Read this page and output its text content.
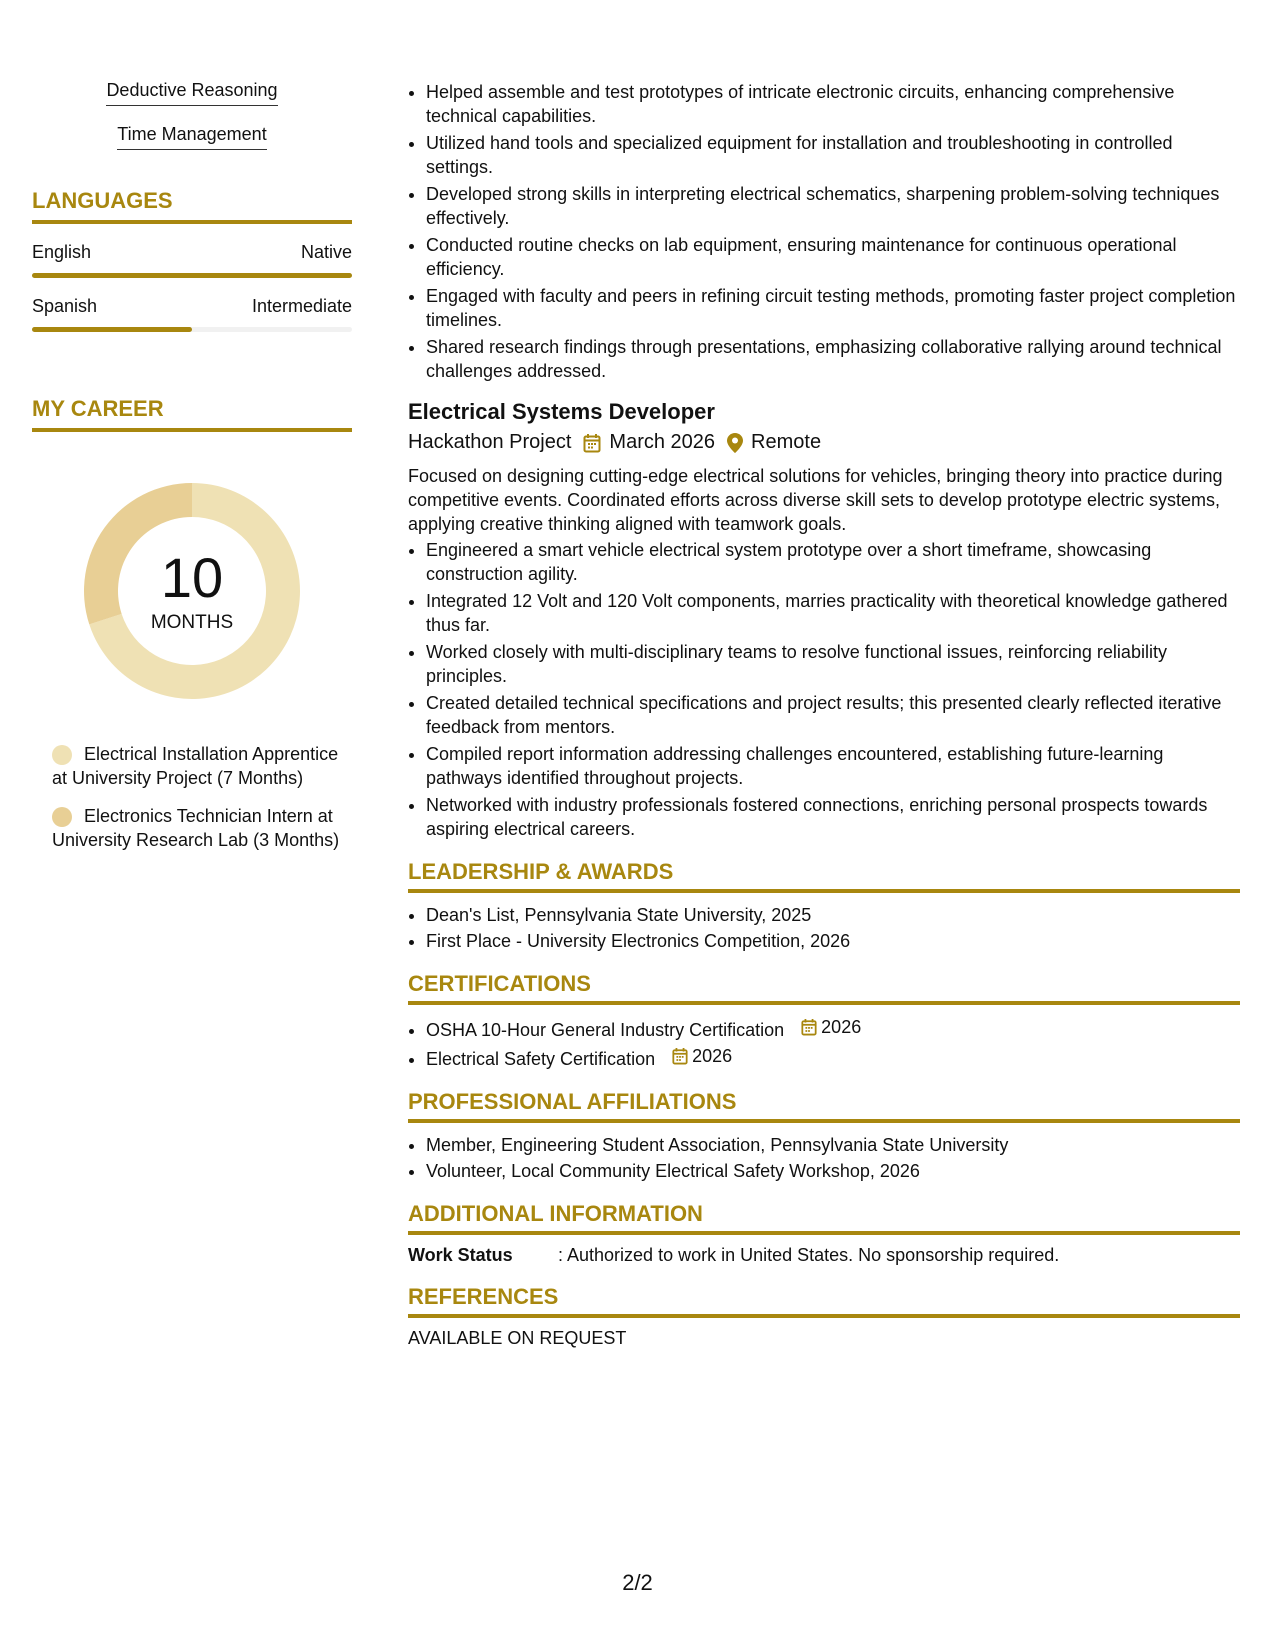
Deductive Reasoning
Time Management
LANGUAGES
English	Native
Spanish	Intermediate
MY CAREER
10
MONTHS
Electrical Installation Apprentice at University Project (7 Months)
Electronics Technician Intern at University Research Lab (3 Months)
• Helped assemble and test prototypes of intricate electronic circuits, enhancing comprehensive technical capabilities.
• Utilized hand tools and specialized equipment for installation and troubleshooting in controlled settings.
• Developed strong skills in interpreting electrical schematics, sharpening problem-solving techniques effectively.
• Conducted routine checks on lab equipment, ensuring maintenance for continuous operational efficiency.
• Engaged with faculty and peers in refining circuit testing methods, promoting faster project completion timelines.
• Shared research findings through presentations, emphasizing collaborative rallying around technical challenges addressed.
Electrical Systems Developer
Hackathon Project March 2026 Remote

Focused on designing cutting-edge electrical solutions for vehicles, bringing theory into practice during competitive events. Coordinated efforts across diverse skill sets to develop prototype electric systems, applying creative thinking aligned with teamwork goals.

• Engineered a smart vehicle electrical system prototype over a short timeframe, showcasing construction agility.
• Integrated 12 Volt and 120 Volt components, marries practicality with theoretical knowledge gathered thus far.
• Worked closely with multi-disciplinary teams to resolve functional issues, reinforcing reliability principles.
• Created detailed technical specifications and project results; this presented clearly reflected iterative feedback from mentors.
• Compiled report information addressing challenges encountered, establishing future-learning pathways identified throughout projects.
• Networked with industry professionals fostered connections, enriching personal prospects towards aspiring electrical careers.
LEADERSHIP & AWARDS
• Dean's List, Pennsylvania State University, 2025
• First Place - University Electronics Competition, 2026
CERTIFICATIONS
• OSHA 10-Hour General Industry Certification 2026
• Electrical Safety Certification 2026
PROFESSIONAL AFFILIATIONS
• Member, Engineering Student Association, Pennsylvania State University
• Volunteer, Local Community Electrical Safety Workshop, 2026
ADDITIONAL INFORMATION
Work Status	: Authorized to work in United States. No sponsorship required.
REFERENCES
AVAILABLE ON REQUEST
2/2
